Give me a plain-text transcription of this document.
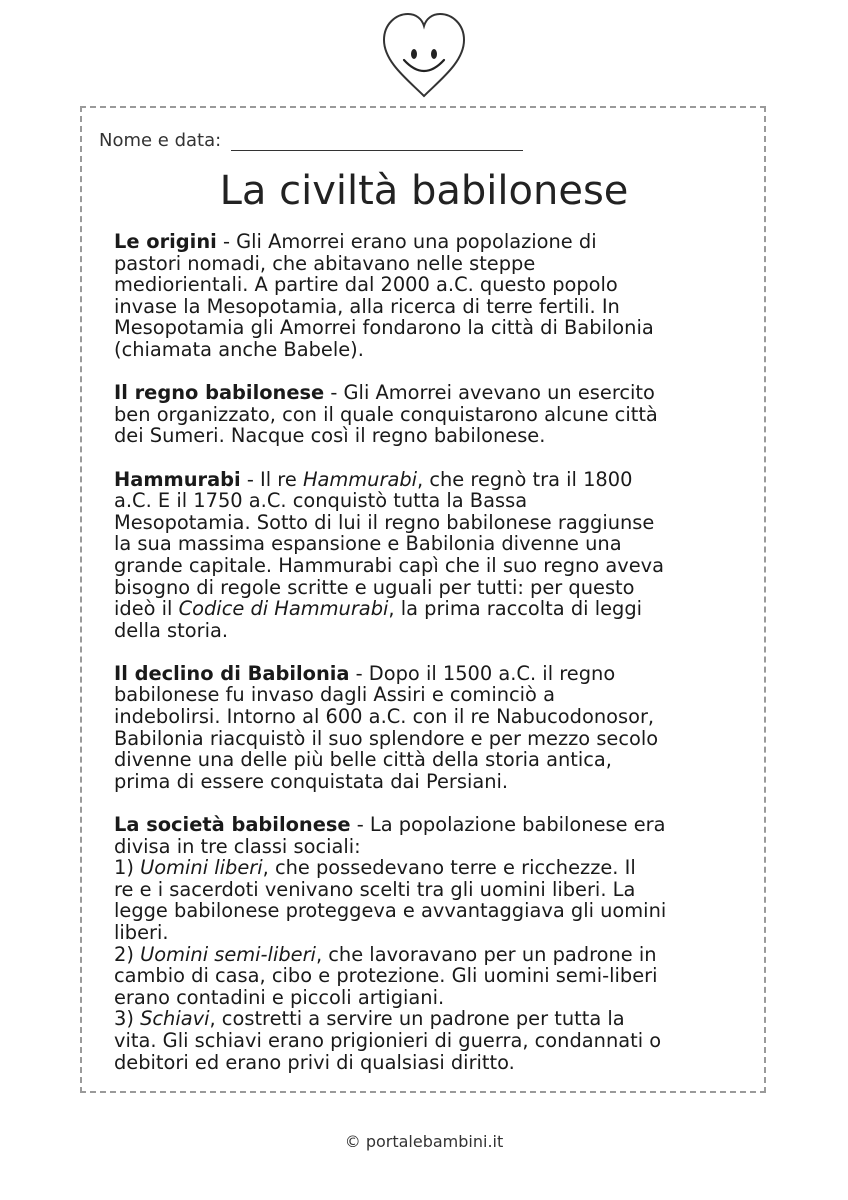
Nome e data:
La civiltà babilonese
Le origini - Gli Amorrei erano una popolazione di
pastori nomadi, che abitavano nelle steppe
mediorientali. A partire dal 2000 a.C. questo popolo
invase la Mesopotamia, alla ricerca di terre fertili. In
Mesopotamia gli Amorrei fondarono la città di Babilonia
(chiamata anche Babele).
Il regno babilonese - Gli Amorrei avevano un esercito
ben organizzato, con il quale conquistarono alcune città
dei Sumeri. Nacque così il regno babilonese.
Hammurabi - Il re Hammurabi, che regnò tra il 1800
a.C. E il 1750 a.C. conquistò tutta la Bassa
Mesopotamia. Sotto di lui il regno babilonese raggiunse
la sua massima espansione e Babilonia divenne una
grande capitale. Hammurabi capì che il suo regno aveva
bisogno di regole scritte e uguali per tutti: per questo
ideò il Codice di Hammurabi, la prima raccolta di leggi
della storia.
Il declino di Babilonia - Dopo il 1500 a.C. il regno
babilonese fu invaso dagli Assiri e cominciò a
indebolirsi. Intorno al 600 a.C. con il re Nabucodonosor,
Babilonia riacquistò il suo splendore e per mezzo secolo
divenne una delle più belle città della storia antica,
prima di essere conquistata dai Persiani.
La società babilonese - La popolazione babilonese era
divisa in tre classi sociali:
1) Uomini liberi, che possedevano terre e ricchezze. Il
re e i sacerdoti venivano scelti tra gli uomini liberi. La
legge babilonese proteggeva e avvantaggiava gli uomini
liberi.
2) Uomini semi-liberi, che lavoravano per un padrone in
cambio di casa, cibo e protezione. Gli uomini semi-liberi
erano contadini e piccoli artigiani.
3) Schiavi, costretti a servire un padrone per tutta la
vita. Gli schiavi erano prigionieri di guerra, condannati o
debitori ed erano privi di qualsiasi diritto.
© portalebambini.it
